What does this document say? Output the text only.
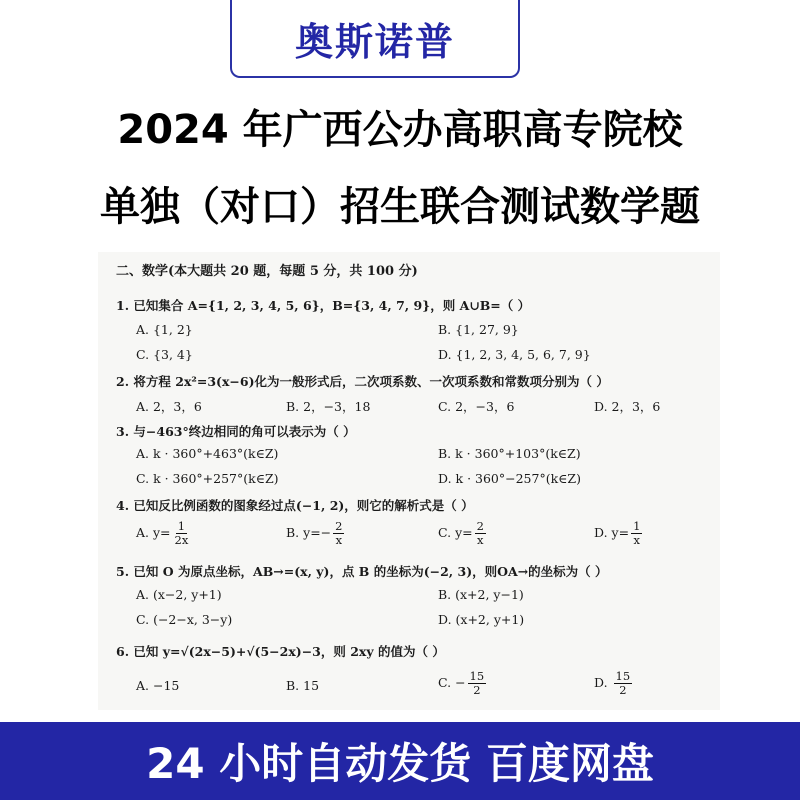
奥斯诺普
2024 年广西公办高职高专院校
单独（对口）招生联合测试数学题
二、数学(本大题共 20 题，每题 5 分，共 100 分)
1. 已知集合 A={1, 2, 3, 4, 5, 6}，B={3, 4, 7, 9}，则 A∪B=（ ）
A. {1, 2}	B. {1, 27, 9}
C. {3, 4}	D. {1, 2, 3, 4, 5, 6, 7, 9}
2. 将方程 2x²=3(x−6)化为一般形式后，二次项系数、一次项系数和常数项分别为（ ）
A. 2，3，6	B. 2，−3，18	C. 2，−3，6	D. 2，3，6
3. 与−463°终边相同的角可以表示为（ ）
A. k · 360°+463°(k∈Z)	B. k · 360°+103°(k∈Z)
C. k · 360°+257°(k∈Z)	D. k · 360°−257°(k∈Z)
4. 已知反比例函数的图象经过点(−1, 2)，则它的解析式是（ ）
A. $y= \frac{1}{2x}$	B. $y=- \frac{2}{x}$	C. $y= \frac{2}{x}$	D. $y= \frac{1}{x}$
5. 已知 O 为原点坐标，AB→=(x, y)，点 B 的坐标为(−2, 3)，则OA→的坐标为（ ）
A. (x−2, y+1)	B. (x+2, y−1)
C. (−2−x, 3−y)	D. (x+2, y+1)
6. 已知 y=√(2x−5)+√(5−2x)−3，则 2xy 的值为（ ）
A. −15	B. 15	C. − $\frac{15}{2}$	D. $\frac{15}{2}$
24 小时自动发货 百度网盘
